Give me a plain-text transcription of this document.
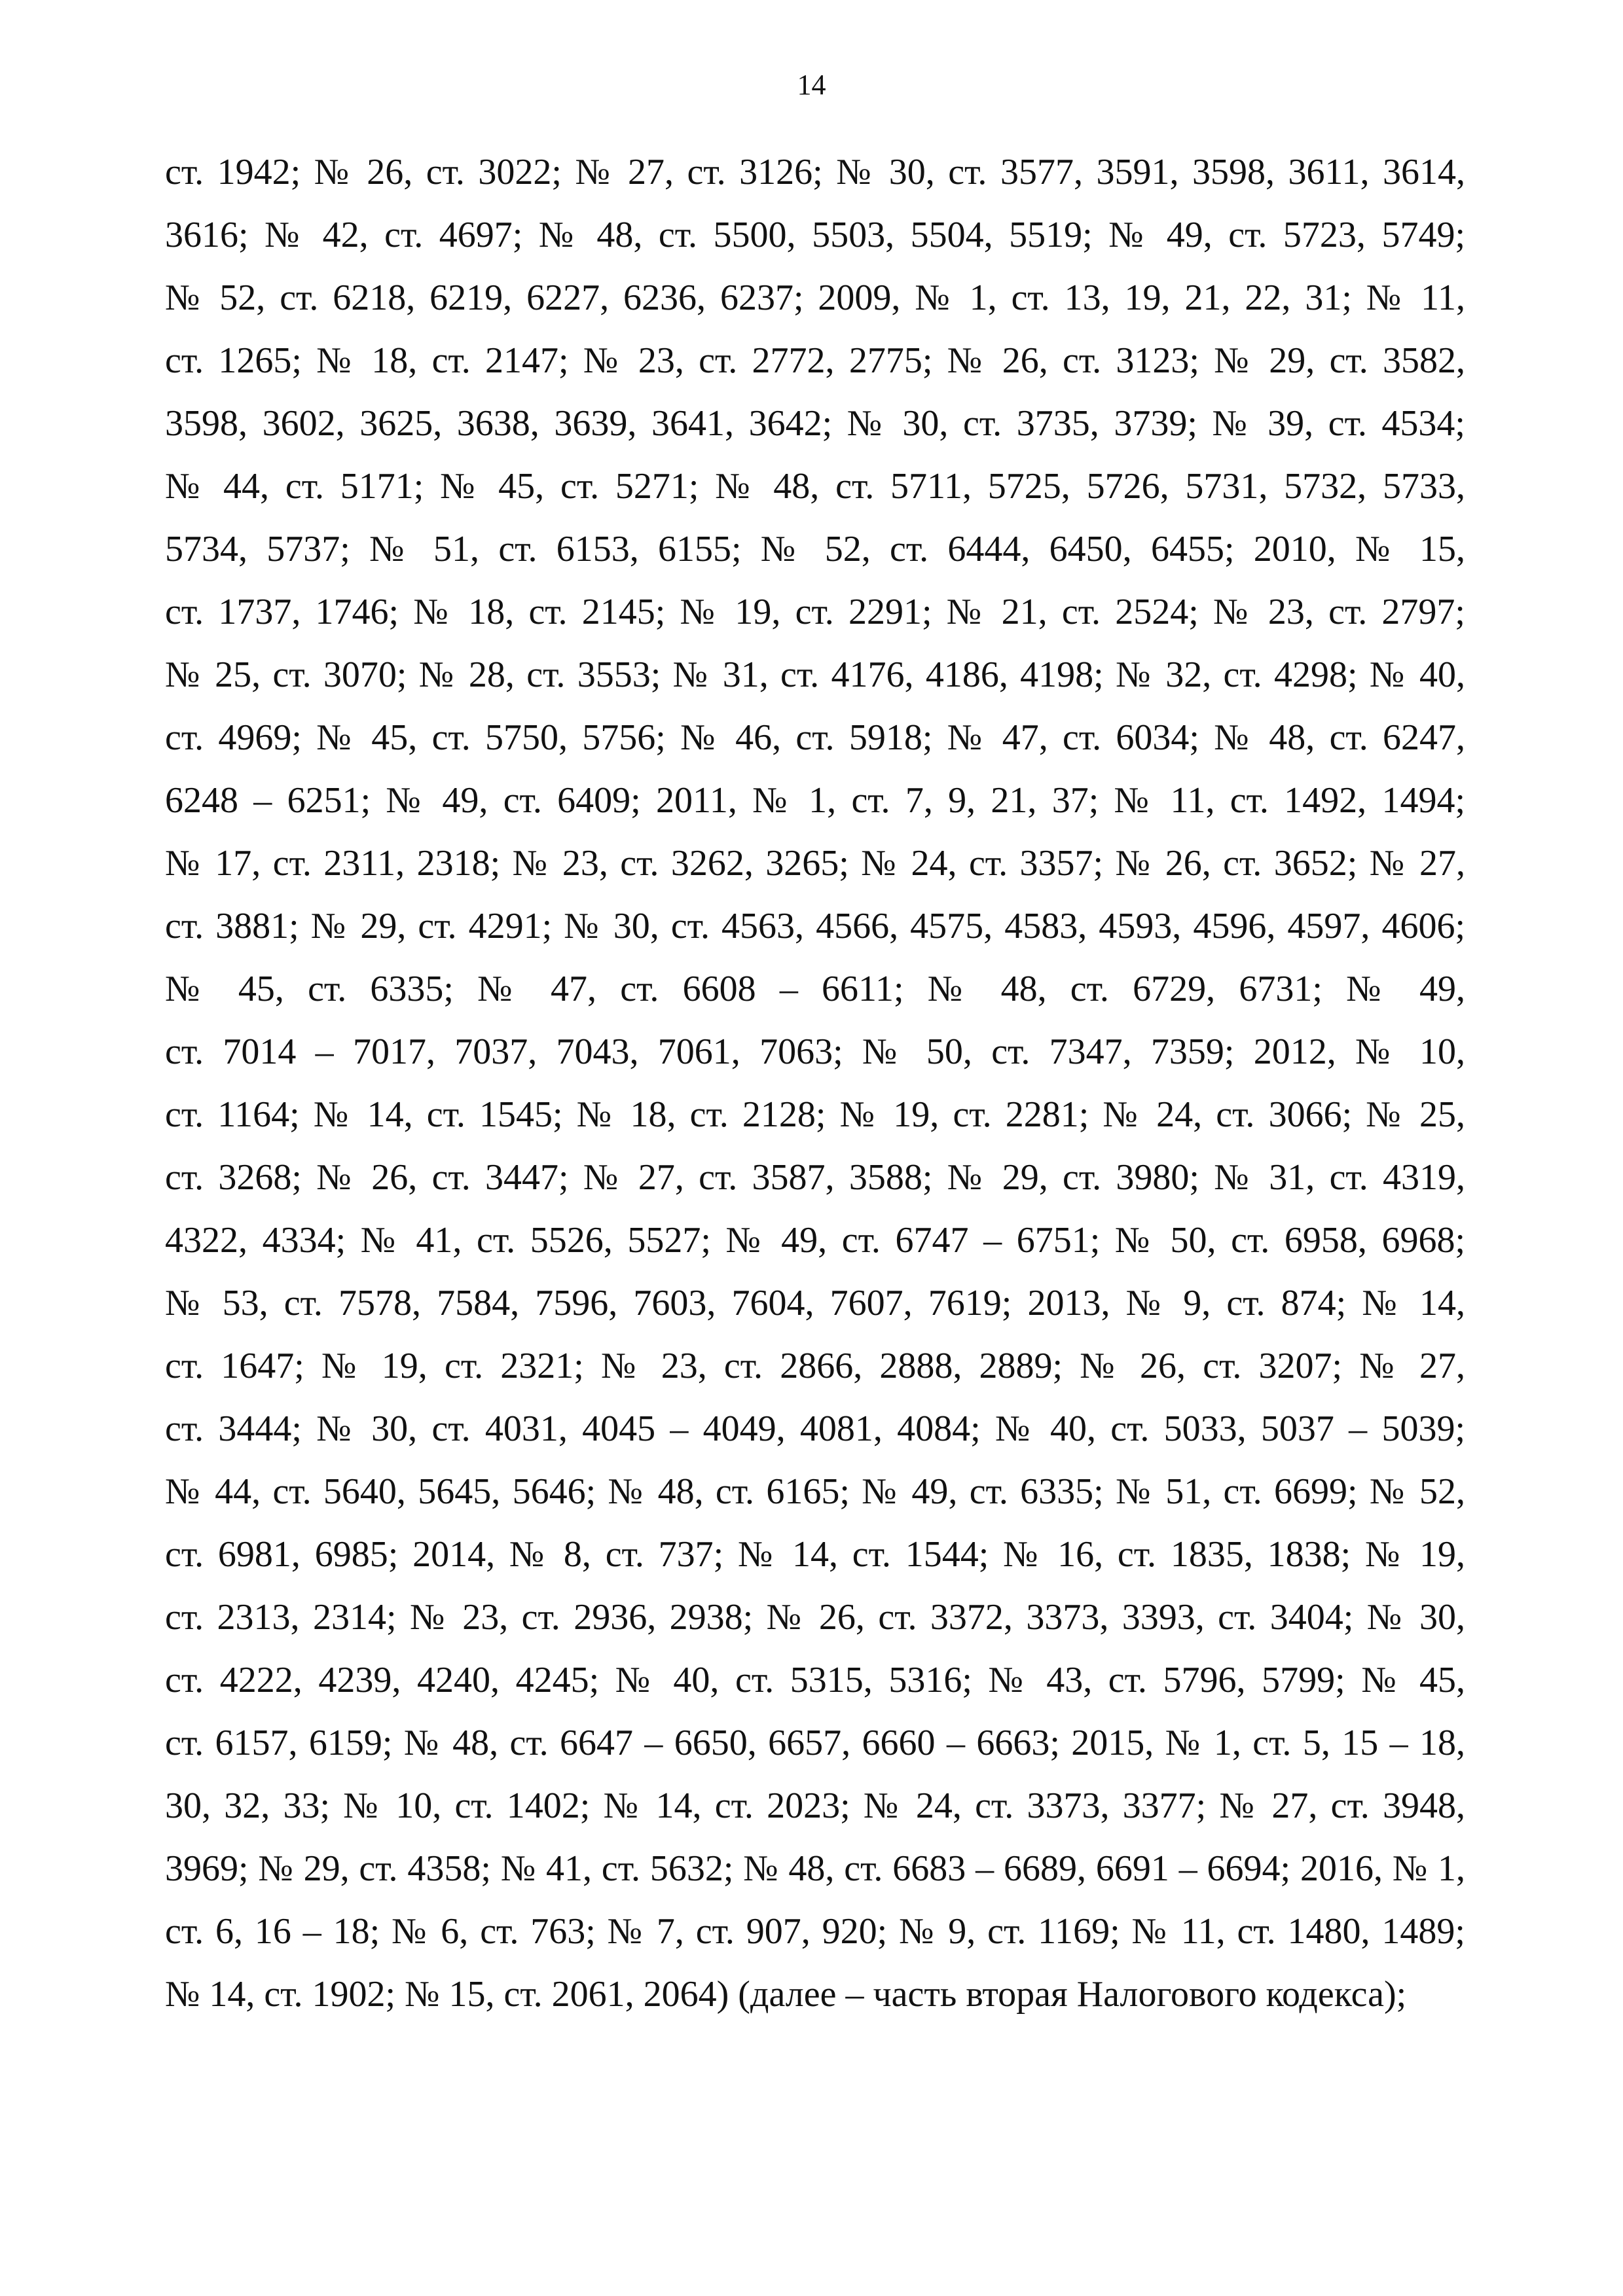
14
ст. 1942; № 26, ст. 3022; № 27, ст. 3126; № 30, ст. 3577, 3591, 3598, 3611, 3614,
3616; № 42, ст. 4697; № 48, ст. 5500, 5503, 5504, 5519; № 49, ст. 5723, 5749;
№ 52, ст. 6218, 6219, 6227, 6236, 6237; 2009, № 1, ст. 13, 19, 21, 22, 31; № 11,
ст. 1265; № 18, ст. 2147; № 23, ст. 2772, 2775; № 26, ст. 3123; № 29, ст. 3582,
3598, 3602, 3625, 3638, 3639, 3641, 3642; № 30, ст. 3735, 3739; № 39, ст. 4534;
№ 44, ст. 5171; № 45, ст. 5271; № 48, ст. 5711, 5725, 5726, 5731, 5732, 5733,
5734, 5737; № 51, ст. 6153, 6155; № 52, ст. 6444, 6450, 6455; 2010, № 15,
ст. 1737, 1746; № 18, ст. 2145; № 19, ст. 2291; № 21, ст. 2524; № 23, ст. 2797;
№ 25, ст. 3070; № 28, ст. 3553; № 31, ст. 4176, 4186, 4198; № 32, ст. 4298; № 40,
ст. 4969; № 45, ст. 5750, 5756; № 46, ст. 5918; № 47, ст. 6034; № 48, ст. 6247,
6248 – 6251; № 49, ст. 6409; 2011, № 1, ст. 7, 9, 21, 37; № 11, ст. 1492, 1494;
№ 17, ст. 2311, 2318; № 23, ст. 3262, 3265; № 24, ст. 3357; № 26, ст. 3652; № 27,
ст. 3881; № 29, ст. 4291; № 30, ст. 4563, 4566, 4575, 4583, 4593, 4596, 4597, 4606;
№ 45, ст. 6335; № 47, ст. 6608 – 6611; № 48, ст. 6729, 6731; № 49,
ст. 7014 – 7017, 7037, 7043, 7061, 7063; № 50, ст. 7347, 7359; 2012, № 10,
ст. 1164; № 14, ст. 1545; № 18, ст. 2128; № 19, ст. 2281; № 24, ст. 3066; № 25,
ст. 3268; № 26, ст. 3447; № 27, ст. 3587, 3588; № 29, ст. 3980; № 31, ст. 4319,
4322, 4334; № 41, ст. 5526, 5527; № 49, ст. 6747 – 6751; № 50, ст. 6958, 6968;
№ 53, ст. 7578, 7584, 7596, 7603, 7604, 7607, 7619; 2013, № 9, ст. 874; № 14,
ст. 1647; № 19, ст. 2321; № 23, ст. 2866, 2888, 2889; № 26, ст. 3207; № 27,
ст. 3444; № 30, ст. 4031, 4045 – 4049, 4081, 4084; № 40, ст. 5033, 5037 – 5039;
№ 44, ст. 5640, 5645, 5646; № 48, ст. 6165; № 49, ст. 6335; № 51, ст. 6699; № 52,
ст. 6981, 6985; 2014, № 8, ст. 737; № 14, ст. 1544; № 16, ст. 1835, 1838; № 19,
ст. 2313, 2314; № 23, ст. 2936, 2938; № 26, ст. 3372, 3373, 3393, ст. 3404; № 30,
ст. 4222, 4239, 4240, 4245; № 40, ст. 5315, 5316; № 43, ст. 5796, 5799; № 45,
ст. 6157, 6159; № 48, ст. 6647 – 6650, 6657, 6660 – 6663; 2015, № 1, ст. 5, 15 – 18,
30, 32, 33; № 10, ст. 1402; № 14, ст. 2023; № 24, ст. 3373, 3377; № 27, ст. 3948,
3969; № 29, ст. 4358; № 41, ст. 5632; № 48, ст. 6683 – 6689, 6691 – 6694; 2016, № 1,
ст. 6, 16 – 18; № 6, ст. 763; № 7, ст. 907, 920; № 9, ст. 1169; № 11, ст. 1480, 1489;
№ 14, ст. 1902; № 15, ст. 2061, 2064) (далее – часть вторая Налогового кодекса);
